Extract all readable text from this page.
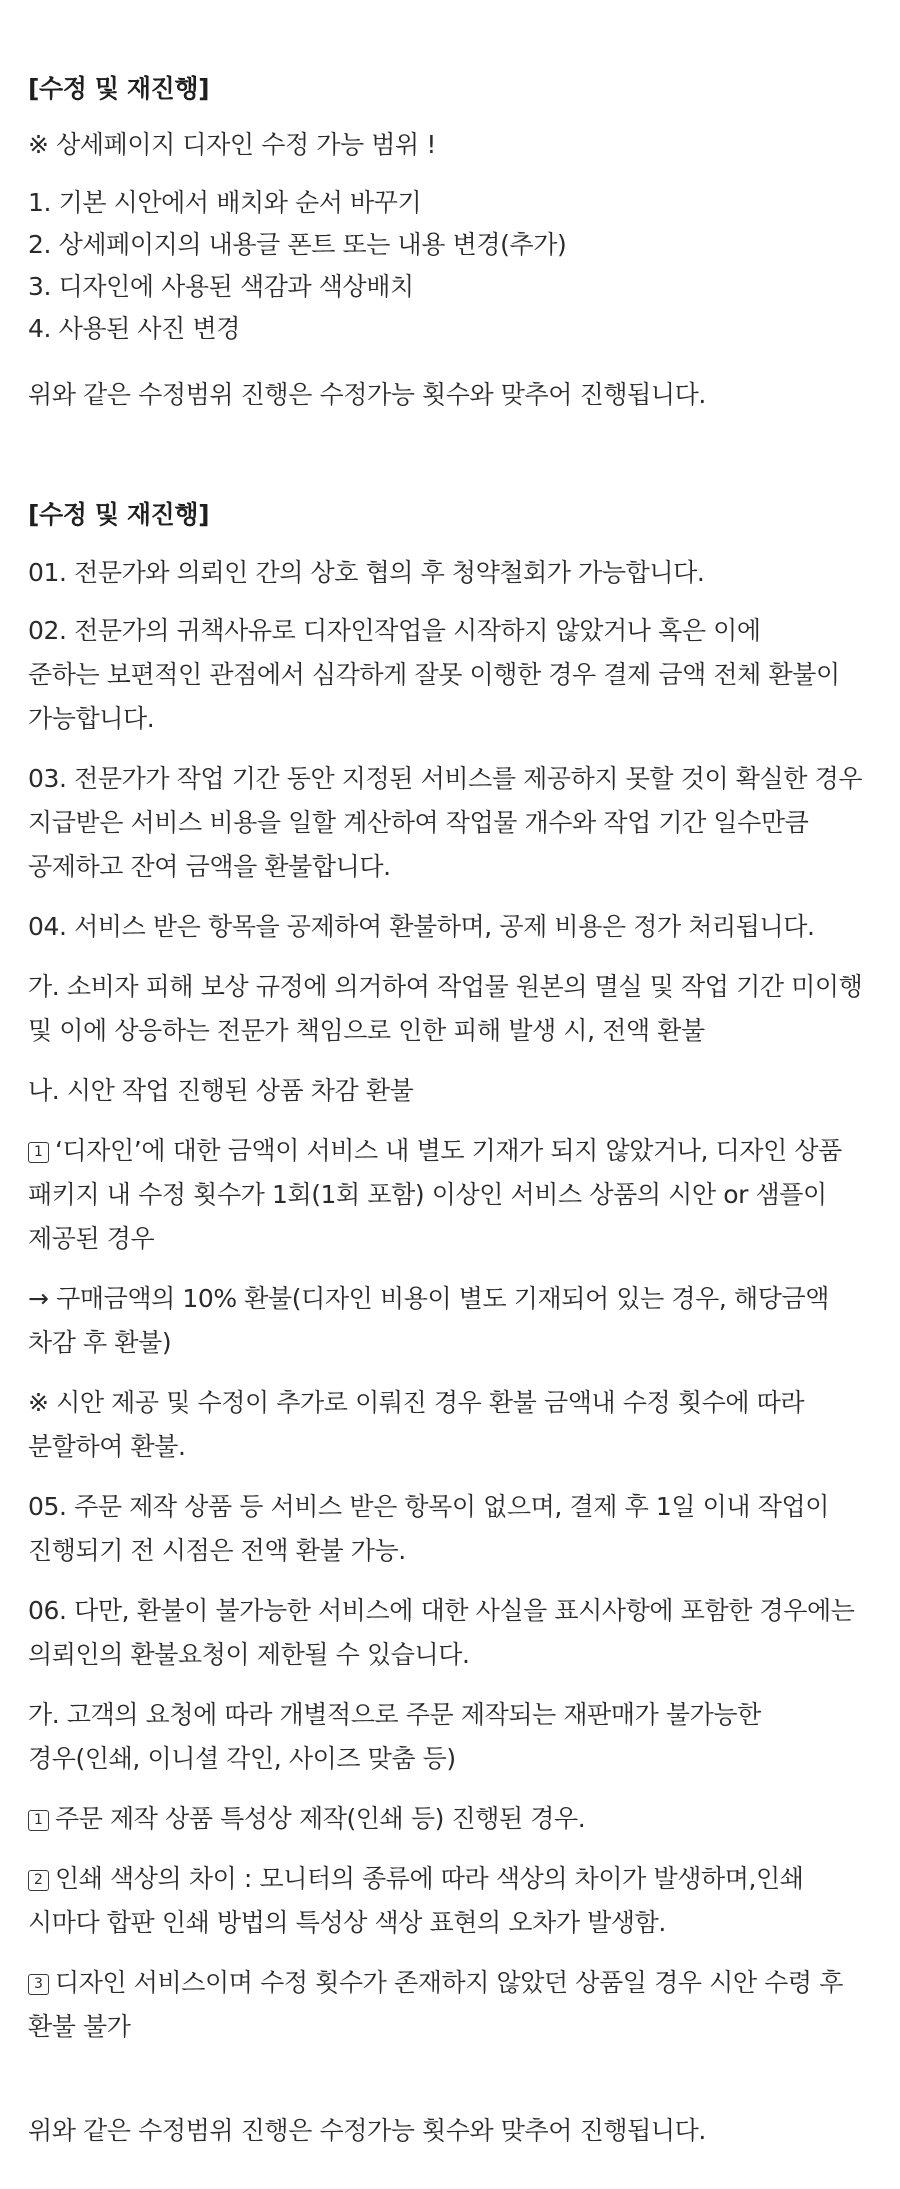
[수정 및 재진행]
※ 상세페이지 디자인 수정 가능 범위 !
1. 기본 시안에서 배치와 순서 바꾸기
2. 상세페이지의 내용글 폰트 또는 내용 변경(추가)
3. 디자인에 사용된 색감과 색상배치
4. 사용된 사진 변경
위와 같은 수정범위 진행은 수정가능 횟수와 맞추어 진행됩니다.
[수정 및 재진행]
01. 전문가와 의뢰인 간의 상호 협의 후 청약철회가 가능합니다.
02. 전문가의 귀책사유로 디자인작업을 시작하지 않았거나 혹은 이에
준하는 보편적인 관점에서 심각하게 잘못 이행한 경우 결제 금액 전체 환불이
가능합니다.
03. 전문가가 작업 기간 동안 지정된 서비스를 제공하지 못할 것이 확실한 경우
지급받은 서비스 비용을 일할 계산하여 작업물 개수와 작업 기간 일수만큼
공제하고 잔여 금액을 환불합니다.
04. 서비스 받은 항목을 공제하여 환불하며, 공제 비용은 정가 처리됩니다.
가. 소비자 피해 보상 규정에 의거하여 작업물 원본의 멸실 및 작업 기간 미이행
및 이에 상응하는 전문가 책임으로 인한 피해 발생 시, 전액 환불
나. 시안 작업 진행된 상품 차감 환불
1 ‘디자인’에 대한 금액이 서비스 내 별도 기재가 되지 않았거나, 디자인 상품
패키지 내 수정 횟수가 1회(1회 포함) 이상인 서비스 상품의 시안 or 샘플이
제공된 경우
→ 구매금액의 10% 환불(디자인 비용이 별도 기재되어 있는 경우, 해당금액
차감 후 환불)
※ 시안 제공 및 수정이 추가로 이뤄진 경우 환불 금액내 수정 횟수에 따라
분할하여 환불.
05. 주문 제작 상품 등 서비스 받은 항목이 없으며, 결제 후 1일 이내 작업이
진행되기 전 시점은 전액 환불 가능.
06. 다만, 환불이 불가능한 서비스에 대한 사실을 표시사항에 포함한 경우에는
의뢰인의 환불요청이 제한될 수 있습니다.
가. 고객의 요청에 따라 개별적으로 주문 제작되는 재판매가 불가능한
경우(인쇄, 이니셜 각인, 사이즈 맞춤 등)
1 주문 제작 상품 특성상 제작(인쇄 등) 진행된 경우.
2 인쇄 색상의 차이 : 모니터의 종류에 따라 색상의 차이가 발생하며,인쇄
시마다 합판 인쇄 방법의 특성상 색상 표현의 오차가 발생함.
3 디자인 서비스이며 수정 횟수가 존재하지 않았던 상품일 경우 시안 수령 후
환불 불가
위와 같은 수정범위 진행은 수정가능 횟수와 맞추어 진행됩니다.
